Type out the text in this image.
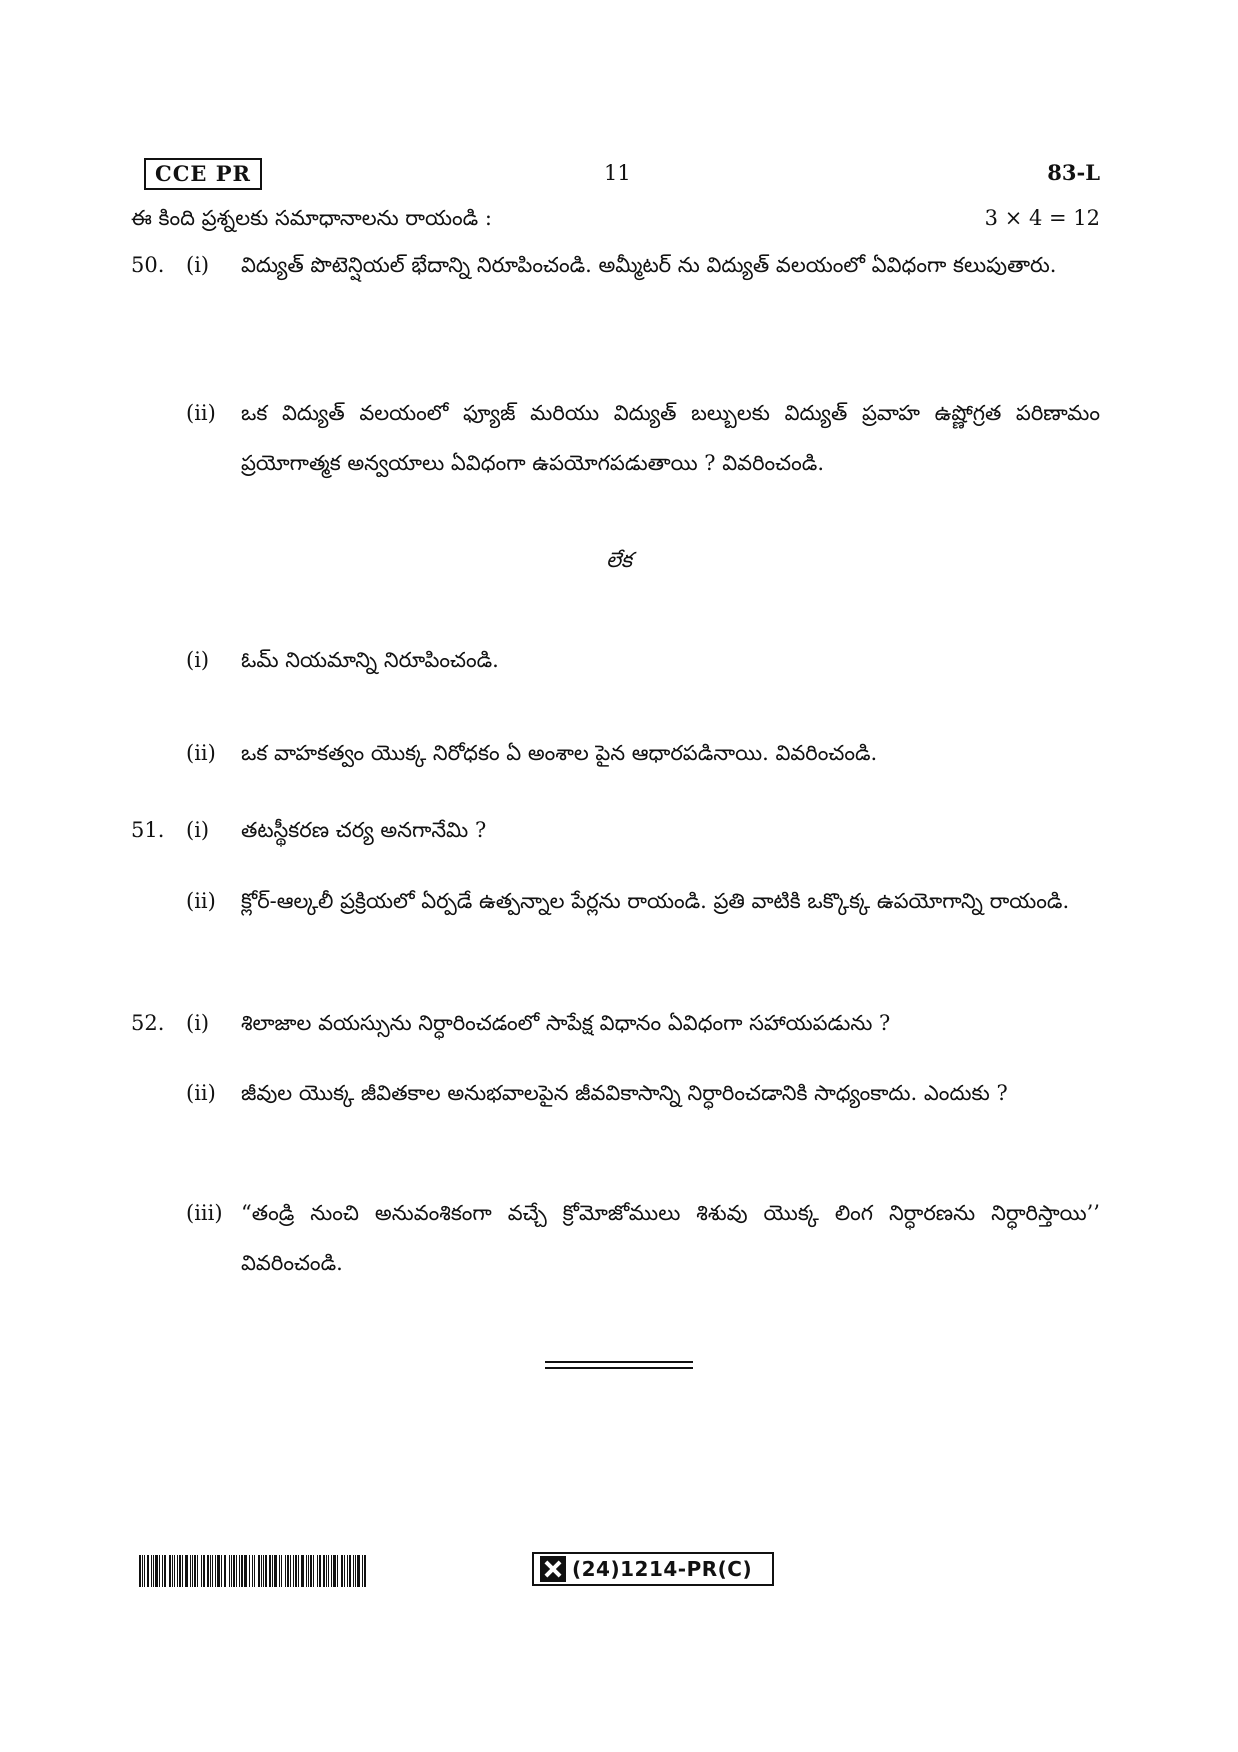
CCE PR	11	83-L
ఈ కింది ప్రశ్నలకు సమాధానాలను రాయండి :	3 × 4 = 12
50.	(i)	విద్యుత్ పొటెన్షియల్ భేదాన్ని నిరూపించండి. అమ్మీటర్ ను విద్యుత్ వలయంలో ఏవిధంగా కలుపుతారు.
(ii)	ఒక విద్యుత్ వలయంలో ఫ్యూజ్ మరియు విద్యుత్ బల్బులకు విద్యుత్ ప్రవాహ ఉష్ణోగ్రత పరిణామం ప్రయోగాత్మక అన్వయాలు ఏవిధంగా ఉపయోగపడుతాయి ? వివరించండి.
లేక
(i)	ఓమ్ నియమాన్ని నిరూపించండి.
(ii)	ఒక వాహకత్వం యొక్క నిరోధకం ఏ అంశాల పైన ఆధారపడినాయి. వివరించండి.
51.	(i)	తటస్థీకరణ చర్య అనగానేమి ?
(ii)	క్లోర్-ఆల్కలీ ప్రక్రియలో ఏర్పడే ఉత్పన్నాల పేర్లను రాయండి. ప్రతి వాటికి ఒక్కొక్క ఉపయోగాన్ని రాయండి.
52.	(i)	శిలాజాల వయస్సును నిర్ధారించడంలో సాపేక్ష విధానం ఏవిధంగా సహాయపడును ?
(ii)	జీవుల యొక్క జీవితకాల అనుభవాలపైన జీవవికాసాన్ని నిర్ధారించడానికి సాధ్యంకాదు. ఎందుకు ?
(iii) “తండ్రి నుంచి అనువంశికంగా వచ్చే క్రోమోజోములు శిశువు యొక్క లింగ నిర్ధారణను నిర్ధారిస్తాయి’’ వివరించండి.
(24)1214-PR(C)
